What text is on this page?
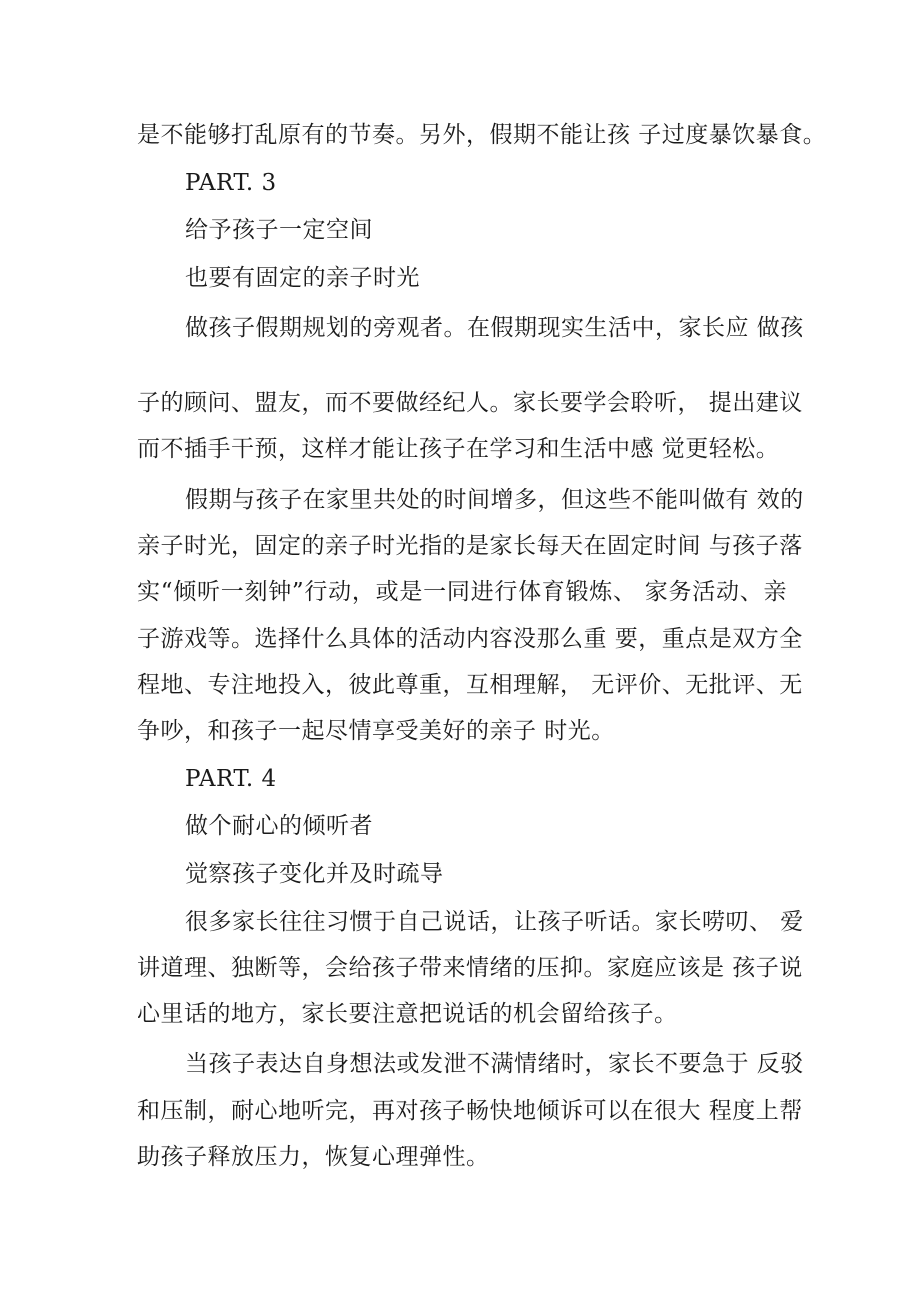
是不能够打乱原有的节奏。另外，假期不能让孩 子过度暴饮暴食。
PART. 3
给予孩子一定空间
也要有固定的亲子时光
做孩子假期规划的旁观者。在假期现实生活中，家长应 做孩
子的顾问、盟友，而不要做经纪人。家长要学会聆听， 提出建议
而不插手干预，这样才能让孩子在学习和生活中感 觉更轻松。
假期与孩子在家里共处的时间增多，但这些不能叫做有 效的
亲子时光，固定的亲子时光指的是家长每天在固定时间 与孩子落
实“倾听一刻钟”行动，或是一同进行体育锻炼、 家务活动、亲
子游戏等。选择什么具体的活动内容没那么重 要，重点是双方全
程地、专注地投入，彼此尊重，互相理解， 无评价、无批评、无
争吵，和孩子一起尽情享受美好的亲子 时光。
PART. 4
做个耐心的倾听者
觉察孩子变化并及时疏导
很多家长往往习惯于自己说话，让孩子听话。家长唠叨、 爱
讲道理、独断等，会给孩子带来情绪的压抑。家庭应该是 孩子说
心里话的地方，家长要注意把说话的机会留给孩子。
当孩子表达自身想法或发泄不满情绪时，家长不要急于 反驳
和压制，耐心地听完，再对孩子畅快地倾诉可以在很大 程度上帮
助孩子释放压力，恢复心理弹性。
